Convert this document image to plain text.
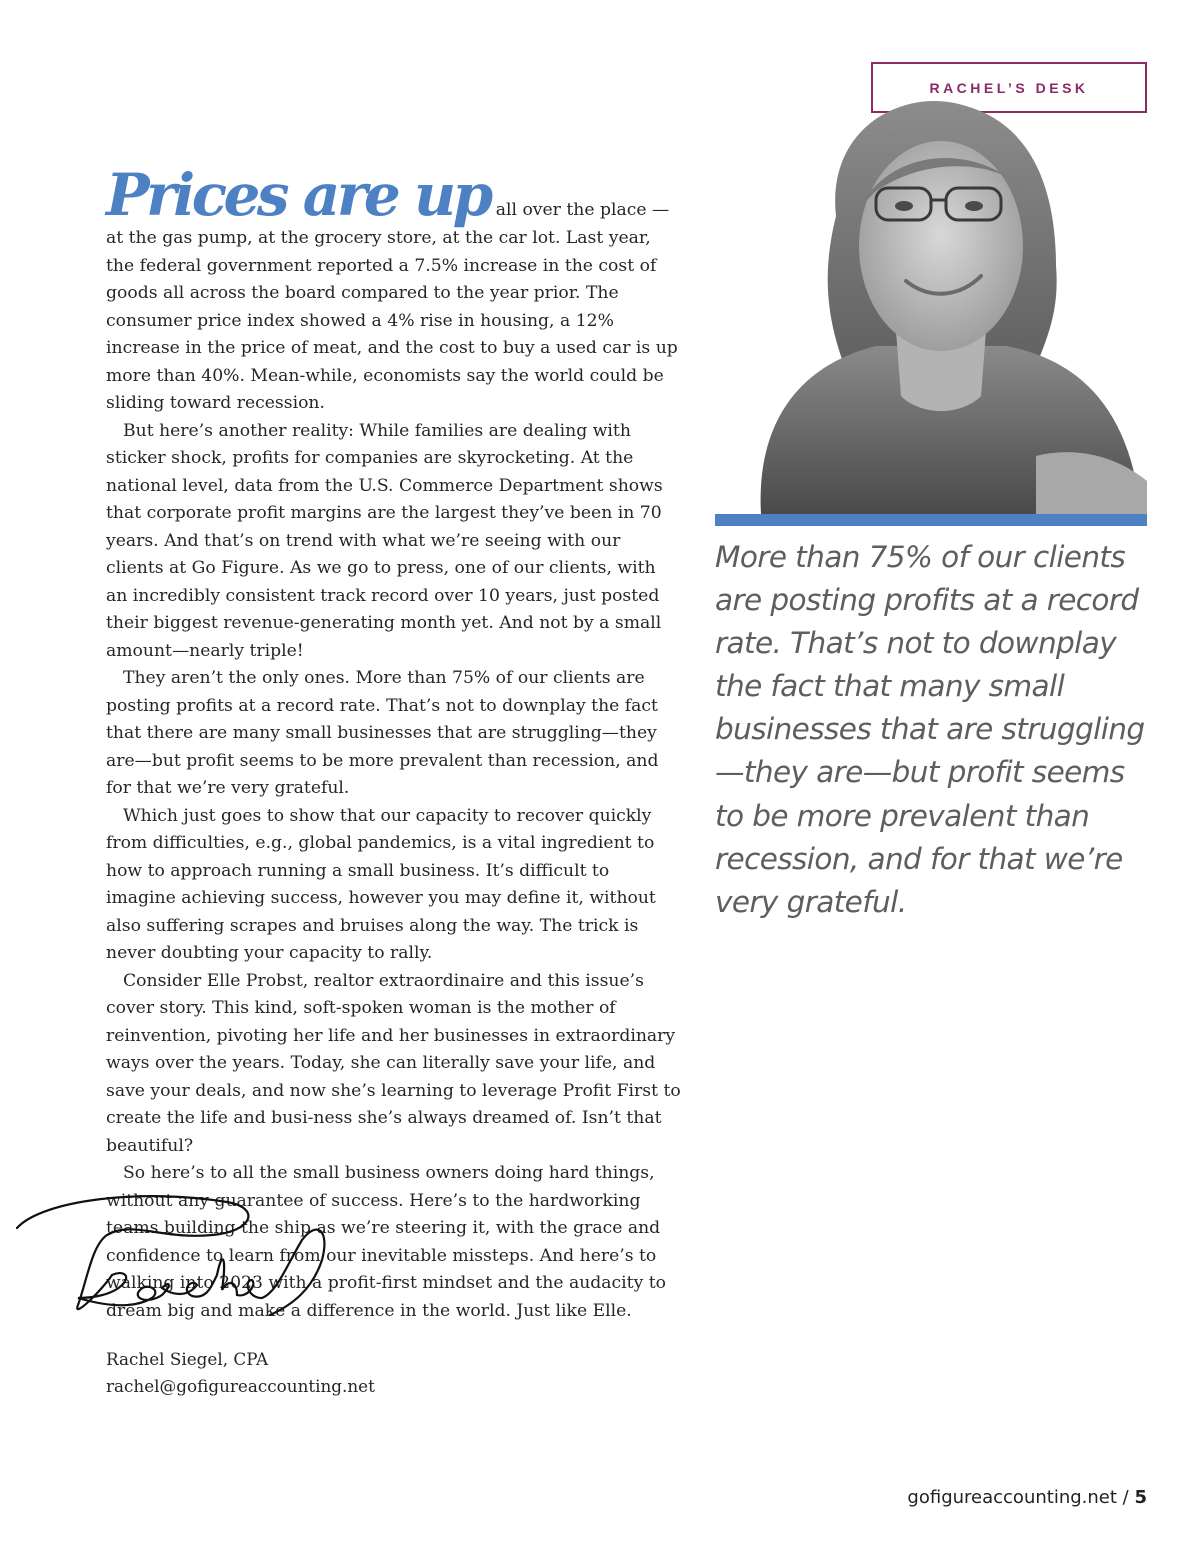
RACHEL’S DESK

Prices are up all over the place —at the gas pump, at the grocery store, at the car lot. Last year, the federal government reported a 7.5% increase in the cost of goods all across the board compared to the year prior. The consumer price index showed a 4% rise in housing, a 12% increase in the price of meat, and the cost to buy a used car is up more than 40%. Mean-while, economists say the world could be sliding toward recession.

But here’s another reality: While families are dealing with sticker shock, profits for companies are skyrocketing. At the national level, data from the U.S. Commerce Department shows that corporate profit margins are the largest they’ve been in 70 years. And that’s on trend with what we’re seeing with our clients at Go Figure. As we go to press, one of our clients, with an incredibly consistent track record over 10 years, just posted their biggest revenue-generating month yet. And not by a small amount—nearly triple!

They aren’t the only ones. More than 75% of our clients are posting profits at a record rate. That’s not to downplay the fact that there are many small businesses that are struggling—they are—but profit seems to be more prevalent than recession, and for that we’re very grateful.

Which just goes to show that our capacity to recover quickly from difficulties, e.g., global pandemics, is a vital ingredient to how to approach running a small business. It’s difficult to imagine achieving success, however you may define it, without also suffering scrapes and bruises along the way. The trick is never doubting your capacity to rally.

Consider Elle Probst, realtor extraordinaire and this issue’s cover story. This kind, soft-spoken woman is the mother of reinvention, pivoting her life and her businesses in extraordinary ways over the years. Today, she can literally save your life, and save your deals, and now she’s learning to leverage Profit First to create the life and busi-ness she’s always dreamed of. Isn’t that beautiful?

So here’s to all the small business owners doing hard things, without any guarantee of success. Here’s to the hardworking teams building the ship as we’re steering it, with the grace and confidence to learn from our inevitable missteps. And here’s to walking into 2023 with a profit-first mindset and the audacity to dream big and make a difference in the world. Just like Elle.

More than 75% of our clients are posting profits at a record rate. That’s not to downplay the fact that many small businesses that are struggling—they are—but profit seems to be more prevalent than recession, and for that we’re very grateful.
Rachel Siegel, CPA
rachel@gofigureaccounting.net
gofigureaccounting.net / 5
